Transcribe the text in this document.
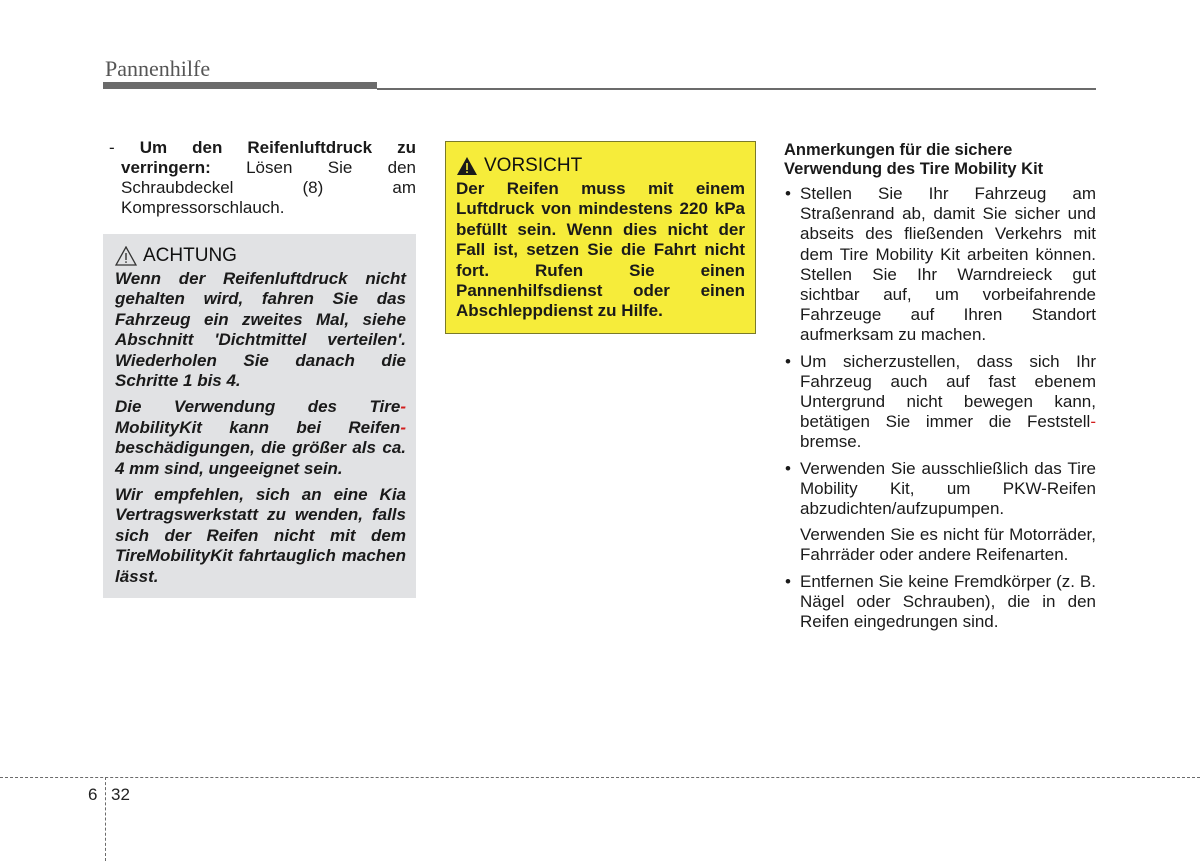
Pannenhilfe

- Um den Reifenluftdruck zu verringern: Lösen Sie den Schraubdeckel (8) am Kompressorschlauch.

ACHTUNG

Wenn der Reifenluftdruck nicht gehalten wird, fahren Sie das Fahrzeug ein zweites Mal, siehe Abschnitt 'Dichtmittel verteilen'. Wiederholen Sie danach die Schritte 1 bis 4.

Die Verwendung des Tire- MobilityKit kann bei Reifen- beschädigungen, die größer als ca. 4 mm sind, ungeeignet sein.

Wir empfehlen, sich an eine Kia Vertragswerkstatt zu wenden, falls sich der Reifen nicht mit dem TireMobilityKit fahrtauglich machen lässt.

VORSICHT

Der Reifen muss mit einem Luftdruck von mindestens 220 kPa befüllt sein. Wenn dies nicht der Fall ist, setzen Sie die Fahrt nicht fort. Rufen Sie einen Pannenhilfsdienst oder einen Abschleppdienst zu Hilfe.

Anmerkungen für die sichere Verwendung des Tire Mobility Kit
• Stellen Sie Ihr Fahrzeug am Straßenrand ab, damit Sie sicher und abseits des fließenden Verkehrs mit dem Tire Mobility Kit arbeiten können. Stellen Sie Ihr Warndreieck gut sichtbar auf, um vorbeifahrende Fahrzeuge auf Ihren Standort aufmerksam zu machen.

• Um sicherzustellen, dass sich Ihr Fahrzeug auch auf fast ebenem Untergrund nicht bewegen kann, betätigen Sie immer die Feststell- bremse.

• Verwenden Sie ausschließlich das Tire Mobility Kit, um PKW-Reifen abzudichten/aufzupumpen.

Verwenden Sie es nicht für Motorräder, Fahrräder oder andere Reifenarten.

• Entfernen Sie keine Fremdkörper (z. B. Nägel oder Schrauben), die in den Reifen eingedrungen sind.

6 32
